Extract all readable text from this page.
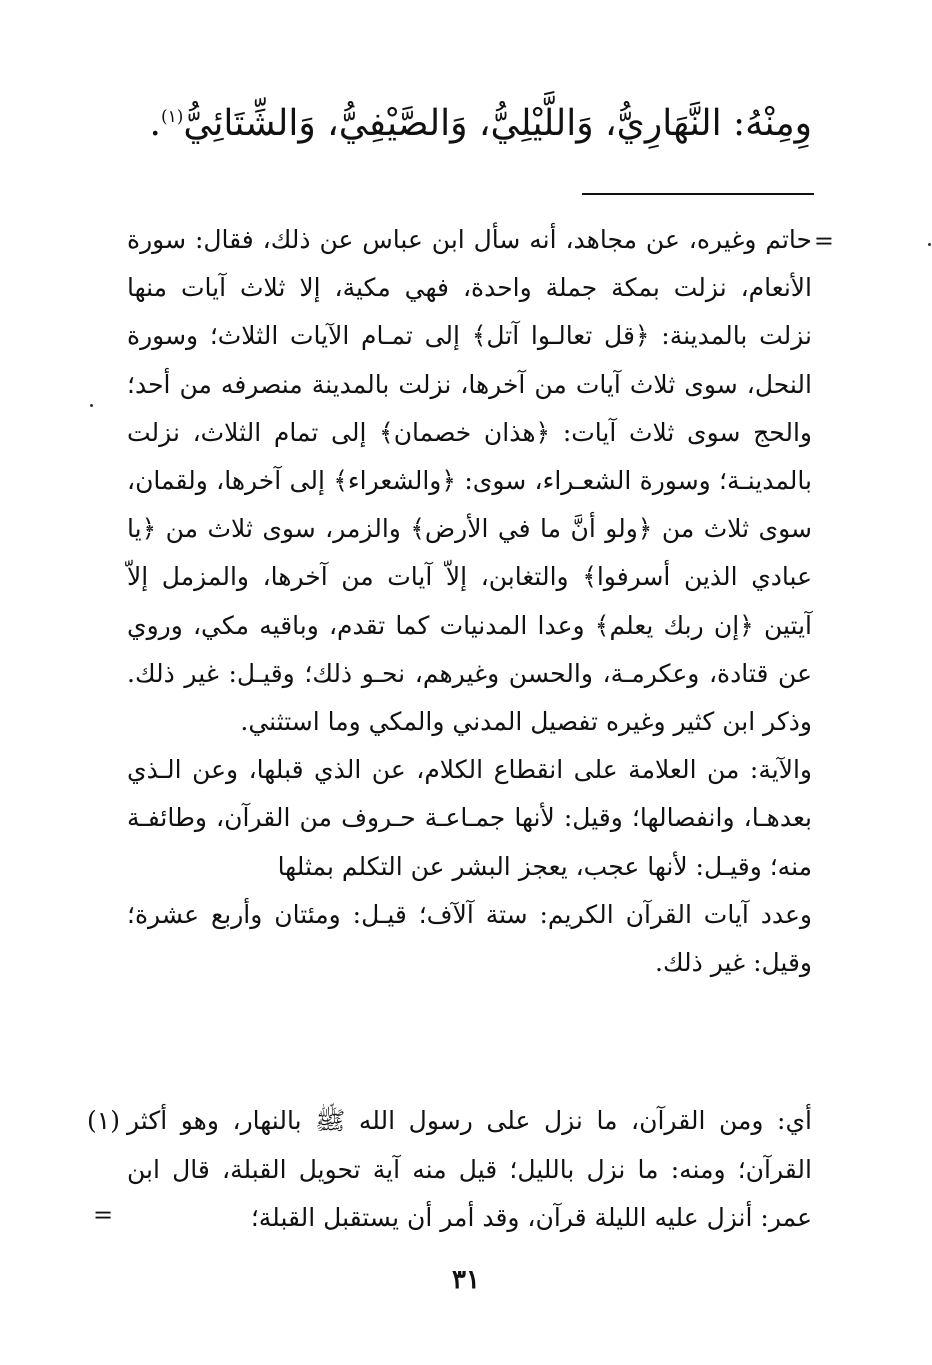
وِمِنْهُ: النَّهَارِيُّ، وَاللَّيْلِيُّ، وَالصَّيْفِيُّ، وَالشِّتَائِيُّ$^{(١)}$.
=

حاتم وغيره، عن مجاهد، أنه سأل ابن عباس عن ذلك، فقال: سورة الأنعام، نزلت بمكة جملة واحدة، فهي مكية، إلا ثلاث آيات منها نزلت بالمدينة: ﴿قل تعالـوا آتل﴾ إلى تمـام الآيات الثلاث؛ وسورة النحل، سوى ثلاث آيات من آخرها، نزلت بالمدينة منصرفه من أحد؛ والحج سوى ثلاث آيات: ﴿هذان خصمان﴾ إلى تمام الثلاث، نزلت بالمدينـة؛ وسورة الشعـراء، سوى: ﴿والشعراء﴾ إلى آخرها، ولقمان، سوى ثلاث من ﴿ولو أنَّ ما في الأرض﴾ والزمر، سوى ثلاث من ﴿يا عبادي الذين أسرفوا﴾ والتغابن، إلاّ آيات من آخرها، والمزمل إلاّ آيتين ﴿إن ربك يعلم﴾ وعدا المدنيات كما تقدم، وباقيه مكي، وروي عن قتادة، وعكرمـة، والحسن وغيرهم، نحـو ذلك؛ وقيـل: غير ذلك. وذكر ابن كثير وغيره تفصيل المدني والمكي وما استثني.

والآية: من العلامة على انقطاع الكلام، عن الذي قبلها، وعن الـذي بعدهـا، وانفصالها؛ وقيل: لأنها جمـاعـة حـروف من القرآن، وطائفـة منه؛ وقيـل: لأنها عجب، يعجز البشر عن التكلم بمثلها

وعدد آيات القرآن الكريم: ستة آلآف؛ قيـل: ومئتان وأربع عشرة؛ وقيل: غير ذلك.

(١) أي: ومن القرآن، ما نزل على رسول الله ﷺ بالنهار، وهو أكثر القرآن؛ ومنه: ما نزل بالليل؛ قيل منه آية تحويل القبلة، قال ابن عمر: أنزل عليه الليلة قرآن، وقد أمر أن يستقبل القبلة؛
=
٣١
